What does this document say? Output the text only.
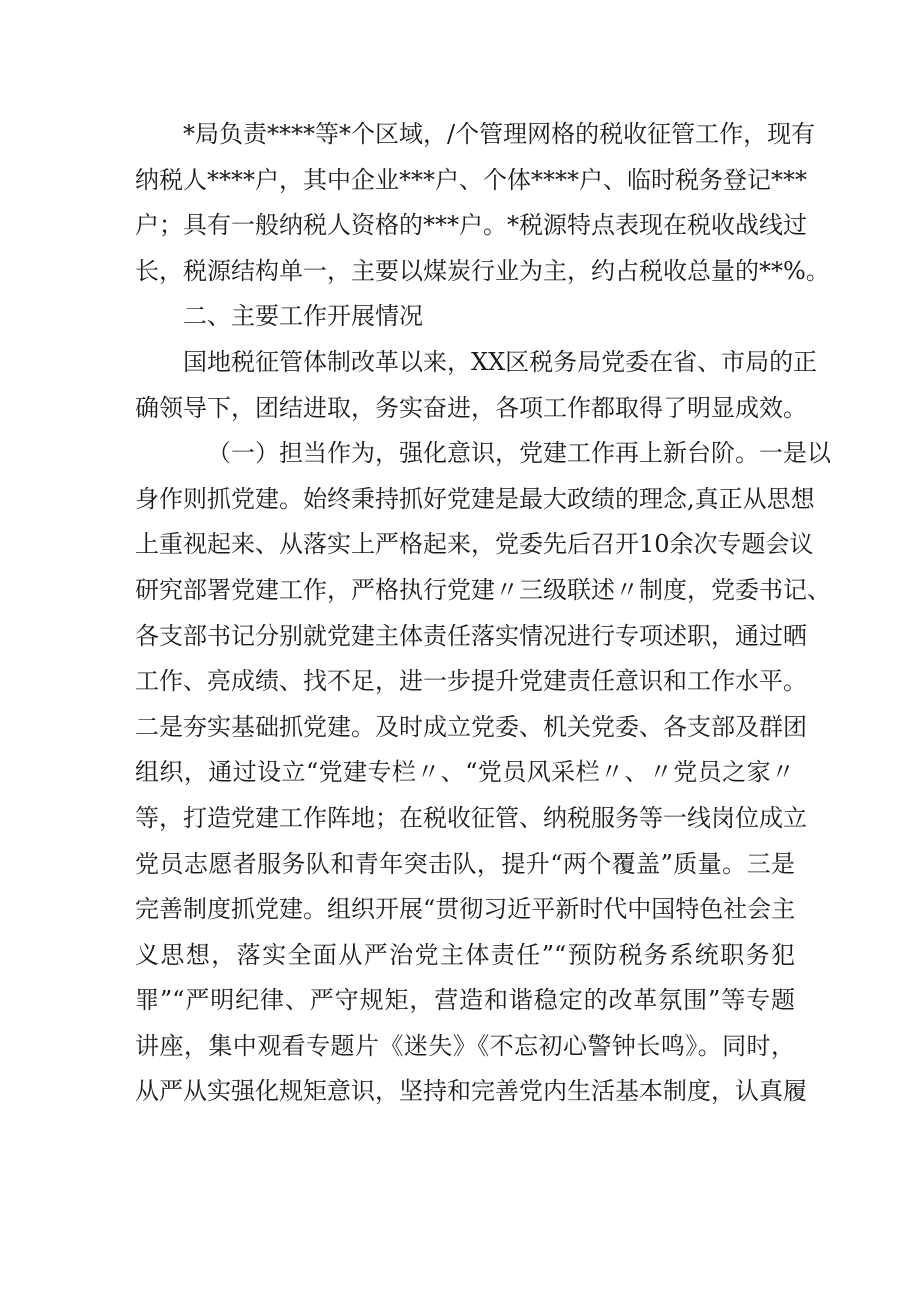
*局负责****等*个区域，/个管理网格的税收征管工作，现有
纳税人****户，其中企业***户、个体****户、临时税务登记***
户；具有一般纳税人资格的***户。*税源特点表现在税收战线过
长，税源结构单一，主要以煤炭行业为主，约占税收总量的**%。
二、主要工作开展情况
国地税征管体制改革以来，XX区税务局党委在省、市局的正
确领导下，团结进取，务实奋进，各项工作都取得了明显成效。
（一）担当作为，强化意识，党建工作再上新台阶。一是以
身作则抓党建。始终秉持抓好党建是最大政绩的理念,真正从思想
上重视起来、从落实上严格起来，党委先后召开10余次专题会议
研究部署党建工作，严格执行党建〃三级联述〃制度，党委书记、
各支部书记分别就党建主体责任落实情况进行专项述职，通过晒
工作、亮成绩、找不足，进一步提升党建责任意识和工作水平。
二是夯实基础抓党建。及时成立党委、机关党委、各支部及群团
组织，通过设立“党建专栏〃、“党员风采栏〃、〃党员之家〃
等，打造党建工作阵地；在税收征管、纳税服务等一线岗位成立
党员志愿者服务队和青年突击队，提升“两个覆盖”质量。三是
完善制度抓党建。组织开展“贯彻习近平新时代中国特色社会主
义思想，落实全面从严治党主体责任”“预防税务系统职务犯
罪”“严明纪律、严守规矩，营造和谐稳定的改革氛围”等专题
讲座，集中观看专题片《迷失》《不忘初心警钟长鸣》。同时，
从严从实强化规矩意识，坚持和完善党内生活基本制度，认真履
